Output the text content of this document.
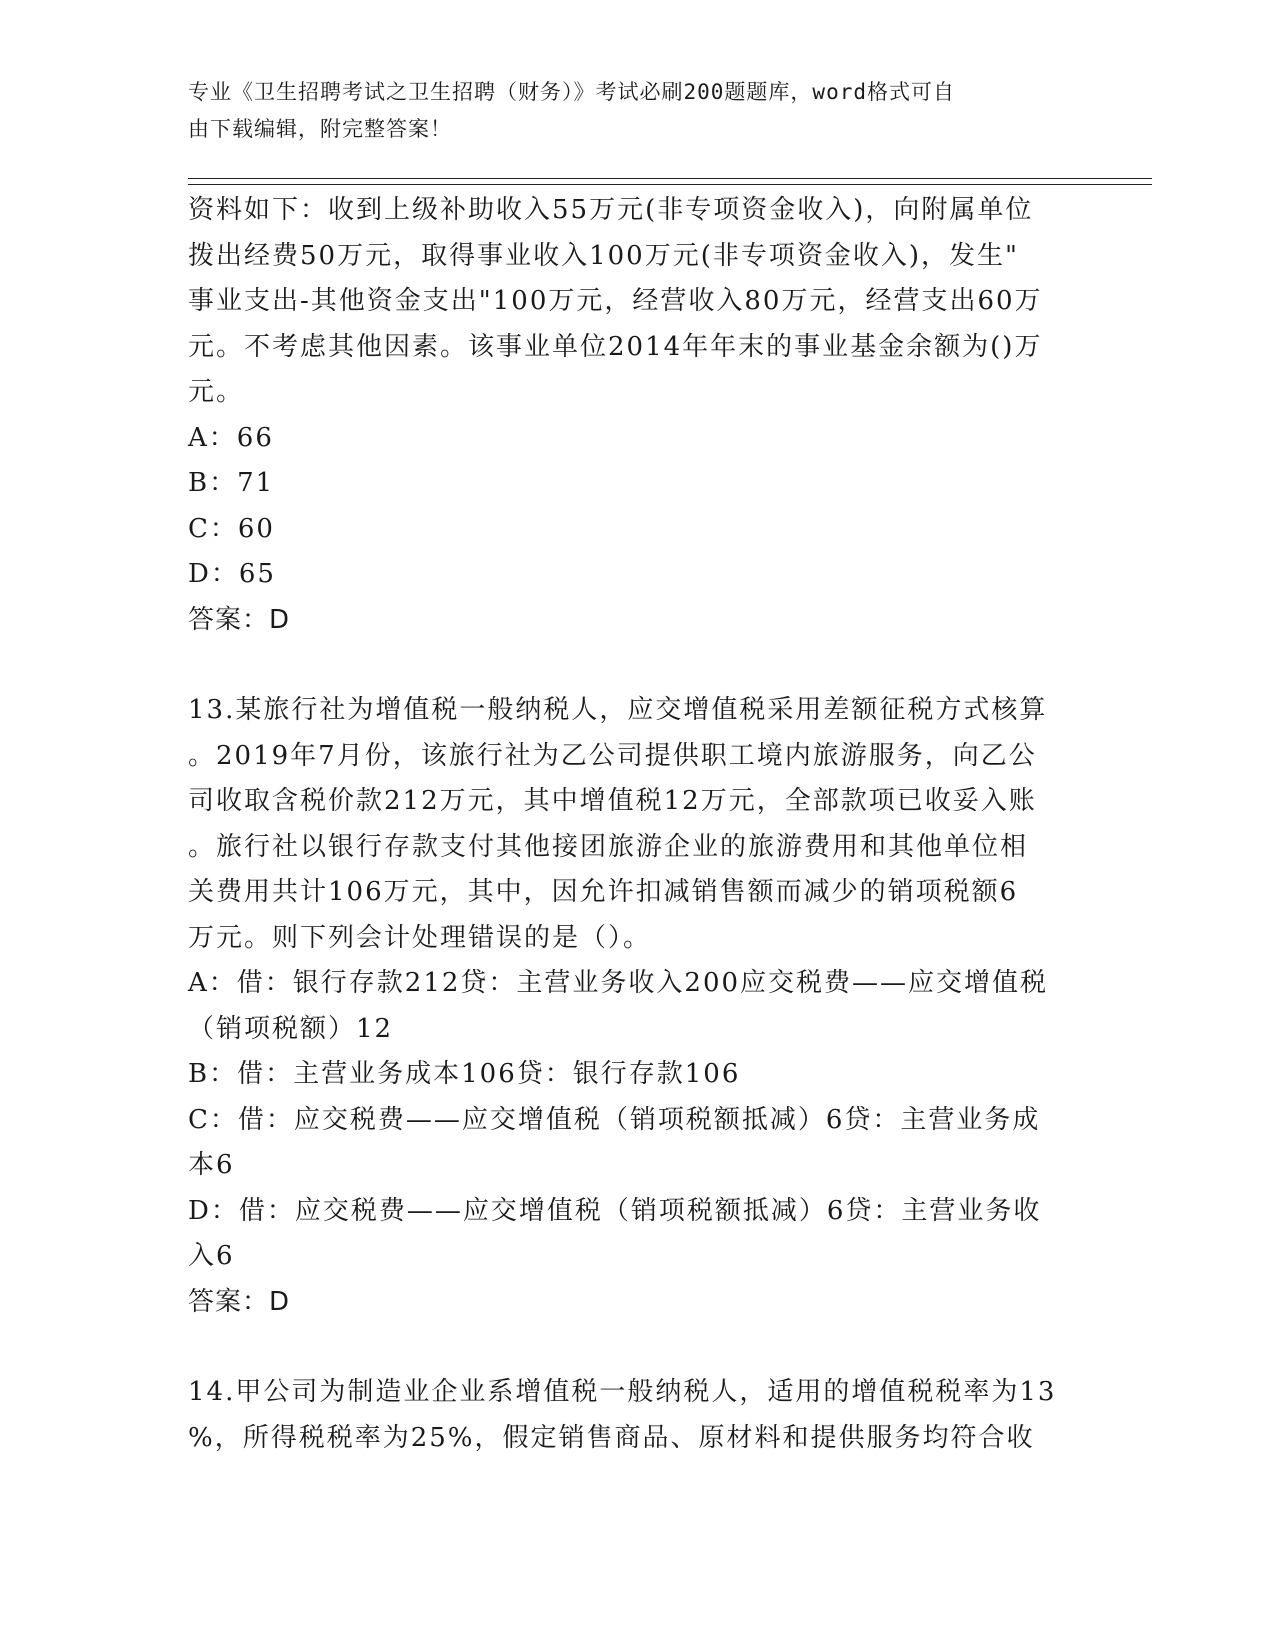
专业《卫生招聘考试之卫生招聘（财务）》考试必刷200题题库，word格式可自
由下载编辑，附完整答案！

资料如下：收到上级补助收入55万元(非专项资金收入)，向附属单位

拨出经费50万元，取得事业收入100万元(非专项资金收入)，发生"

事业支出-其他资金支出"100万元，经营收入80万元，经营支出60万

元。不考虑其他因素。该事业单位2014年年末的事业基金余额为()万

元。

A：66

B：71

C：60

D：65

答案：D

13.某旅行社为增值税一般纳税人，应交增值税采用差额征税方式核算

。2019年7月份，该旅行社为乙公司提供职工境内旅游服务，向乙公

司收取含税价款212万元，其中增值税12万元，全部款项已收妥入账

。旅行社以银行存款支付其他接团旅游企业的旅游费用和其他单位相

关费用共计106万元，其中，因允许扣减销售额而减少的销项税额6

万元。则下列会计处理错误的是（）。

A：借：银行存款212贷：主营业务收入200应交税费——应交增值税

（销项税额）12

B：借：主营业务成本106贷：银行存款106

C：借：应交税费——应交增值税（销项税额抵减）6贷：主营业务成

本6

D：借：应交税费——应交增值税（销项税额抵减）6贷：主营业务收

入6

答案：D

14.甲公司为制造业企业系增值税一般纳税人，适用的增值税税率为13

%，所得税税率为25%，假定销售商品、原材料和提供服务均符合收
